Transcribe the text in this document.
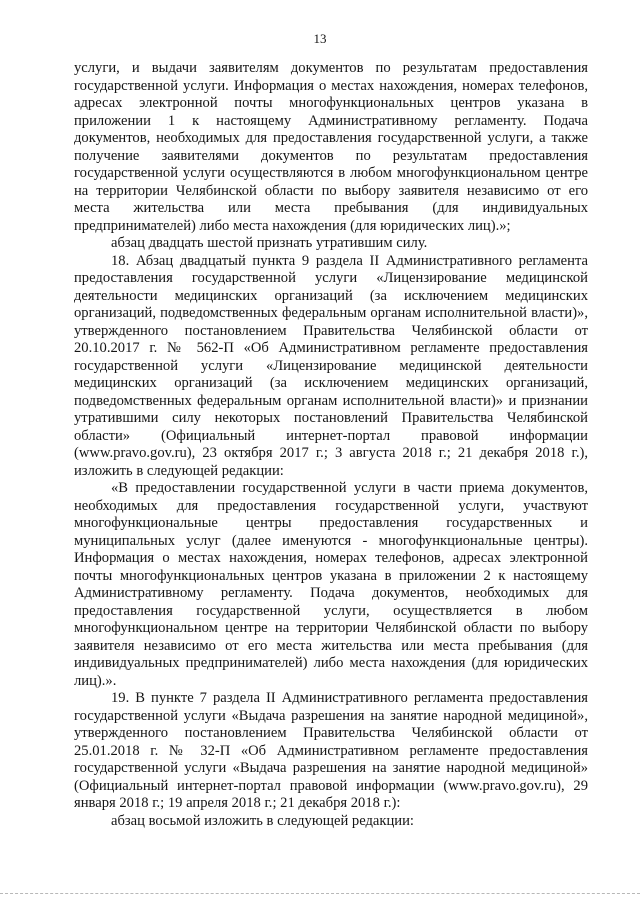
13

услуги, и выдачи заявителям документов по результатам предоставления государственной услуги. Информация о местах нахождения, номерах телефонов, адресах электронной почты многофункциональных центров указана в приложении 1 к настоящему Административному регламенту. Подача документов, необходимых для предоставления государственной услуги, а также получение заявителями документов по результатам предоставления государственной услуги осуществляются в любом многофункциональном центре на территории Челябинской области по выбору заявителя независимо от его места жительства или места пребывания (для индивидуальных предпринимателей) либо места нахождения (для юридических лиц).»;

абзац двадцать шестой признать утратившим силу.

18. Абзац двадцатый пункта 9 раздела II Административного регламента предоставления государственной услуги «Лицензирование медицинской деятельности медицинских организаций (за исключением медицинских организаций, подведомственных федеральным органам исполнительной власти)», утвержденного постановлением Правительства Челябинской области от 20.10.2017 г. № 562-П «Об Административном регламенте предоставления государственной услуги «Лицензирование медицинской деятельности медицинских организаций (за исключением медицинских организаций, подведомственных федеральным органам исполнительной власти)» и признании утратившими силу некоторых постановлений Правительства Челябинской области» (Официальный интернет-портал правовой информации (www.pravo.gov.ru), 23 октября 2017 г.; 3 августа 2018 г.; 21 декабря 2018 г.), изложить в следующей редакции:

«В предоставлении государственной услуги в части приема документов, необходимых для предоставления государственной услуги, участвуют многофункциональные центры предоставления государственных и муниципальных услуг (далее именуются - многофункциональные центры). Информация о местах нахождения, номерах телефонов, адресах электронной почты многофункциональных центров указана в приложении 2 к настоящему Административному регламенту. Подача документов, необходимых для предоставления государственной услуги, осуществляется в любом многофункциональном центре на территории Челябинской области по выбору заявителя независимо от его места жительства или места пребывания (для индивидуальных предпринимателей) либо места нахождения (для юридических лиц).».

19. В пункте 7 раздела II Административного регламента предоставления государственной услуги «Выдача разрешения на занятие народной медициной», утвержденного постановлением Правительства Челябинской области от 25.01.2018 г. № 32-П «Об Административном регламенте предоставления государственной услуги «Выдача разрешения на занятие народной медициной» (Официальный интернет-портал правовой информации (www.pravo.gov.ru), 29 января 2018 г.; 19 апреля 2018 г.; 21 декабря 2018 г.):

абзац восьмой изложить в следующей редакции:
